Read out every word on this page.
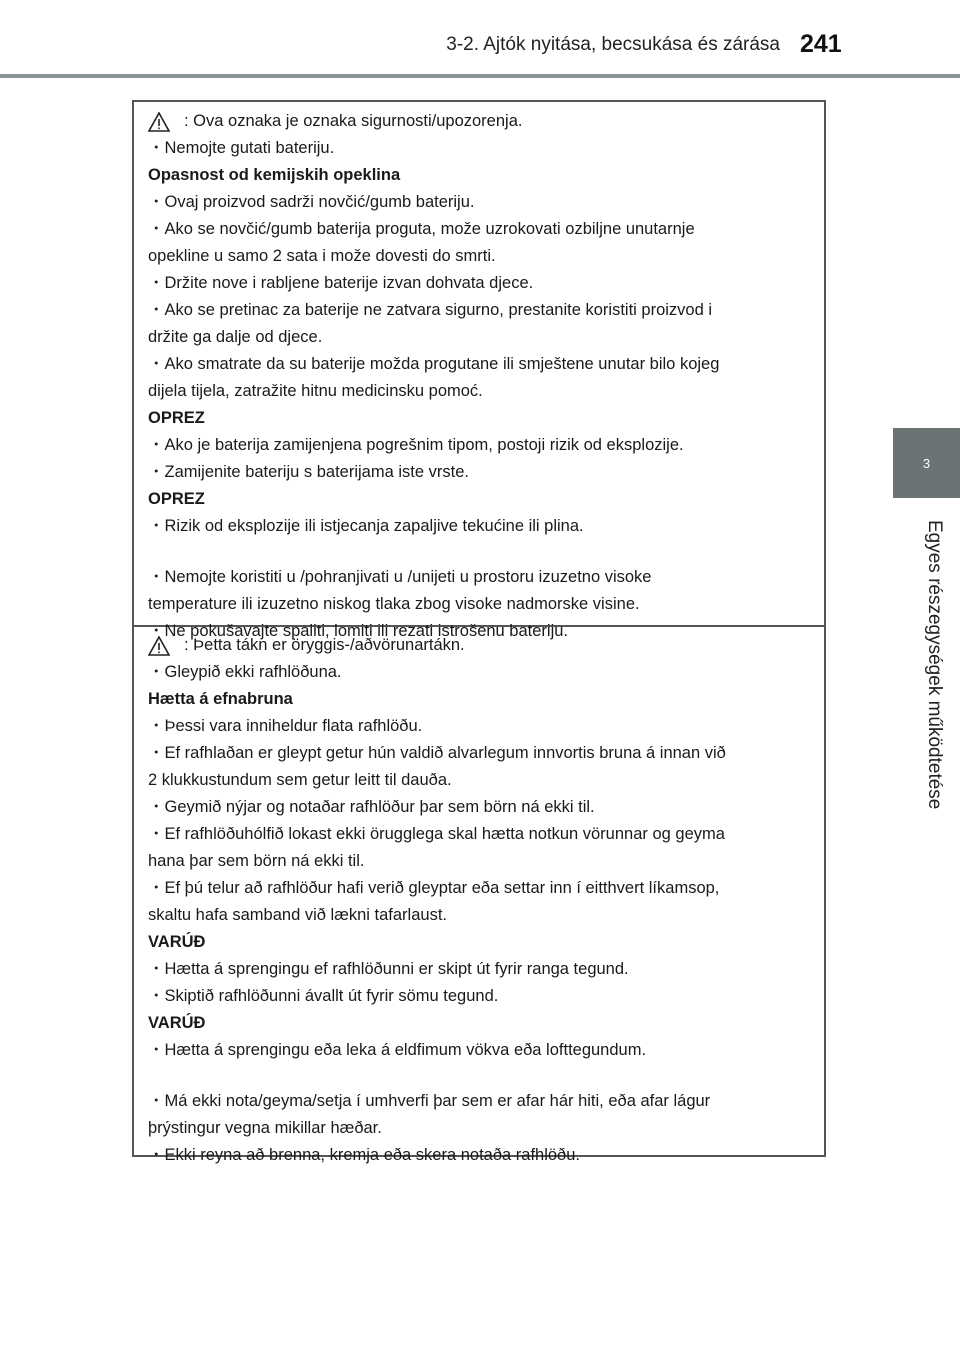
3-2. Ajtók nyitása, becsukása és zárása 241
3
Egyes részegységek működtetése
: Ova oznaka je oznaka sigurnosti/upozorenja.
・Nemojte gutati bateriju.
Opasnost od kemijskih opeklina
・Ovaj proizvod sadrži novčić/gumb bateriju.
・Ako se novčić/gumb baterija proguta, može uzrokovati ozbiljne unutarnje
opekline u samo 2 sata i može dovesti do smrti.
・Držite nove i rabljene baterije izvan dohvata djece.
・Ako se pretinac za baterije ne zatvara sigurno, prestanite koristiti proizvod i
držite ga dalje od djece.
・Ako smatrate da su baterije možda progutane ili smještene unutar bilo kojeg
dijela tijela, zatražite hitnu medicinsku pomoć.
OPREZ
・Ako je baterija zamijenjena pogrešnim tipom, postoji rizik od eksplozije.
・Zamijenite bateriju s baterijama iste vrste.
OPREZ
・Rizik od eksplozije ili istjecanja zapaljive tekućine ili plina.
・Nemojte koristiti u /pohranjivati u /unijeti u prostoru izuzetno visoke
temperature ili izuzetno niskog tlaka zbog visoke nadmorske visine.
・Ne pokušavajte spaliti, lomiti ili rezati istrošenu bateriju.
: Þetta tákn er öryggis-/aðvörunartákn.
・Gleypið ekki rafhlöðuna.
Hætta á efnabruna
・Þessi vara inniheldur flata rafhlöðu.
・Ef rafhlaðan er gleypt getur hún valdið alvarlegum innvortis bruna á innan við
2 klukkustundum sem getur leitt til dauða.
・Geymið nýjar og notaðar rafhlöður þar sem börn ná ekki til.
・Ef rafhlöðuhólfið lokast ekki örugglega skal hætta notkun vörunnar og geyma
hana þar sem börn ná ekki til.
・Ef þú telur að rafhlöður hafi verið gleyptar eða settar inn í eitthvert líkamsop,
skaltu hafa samband við lækni tafarlaust.
VARÚÐ
・Hætta á sprengingu ef rafhlöðunni er skipt út fyrir ranga tegund.
・Skiptið rafhlöðunni ávallt út fyrir sömu tegund.
VARÚÐ
・Hætta á sprengingu eða leka á eldfimum vökva eða lofttegundum.
・Má ekki nota/geyma/setja í umhverfi þar sem er afar hár hiti, eða afar lágur
þrýstingur vegna mikillar hæðar.
・Ekki reyna að brenna, kremja eða skera notaða rafhlöðu.
